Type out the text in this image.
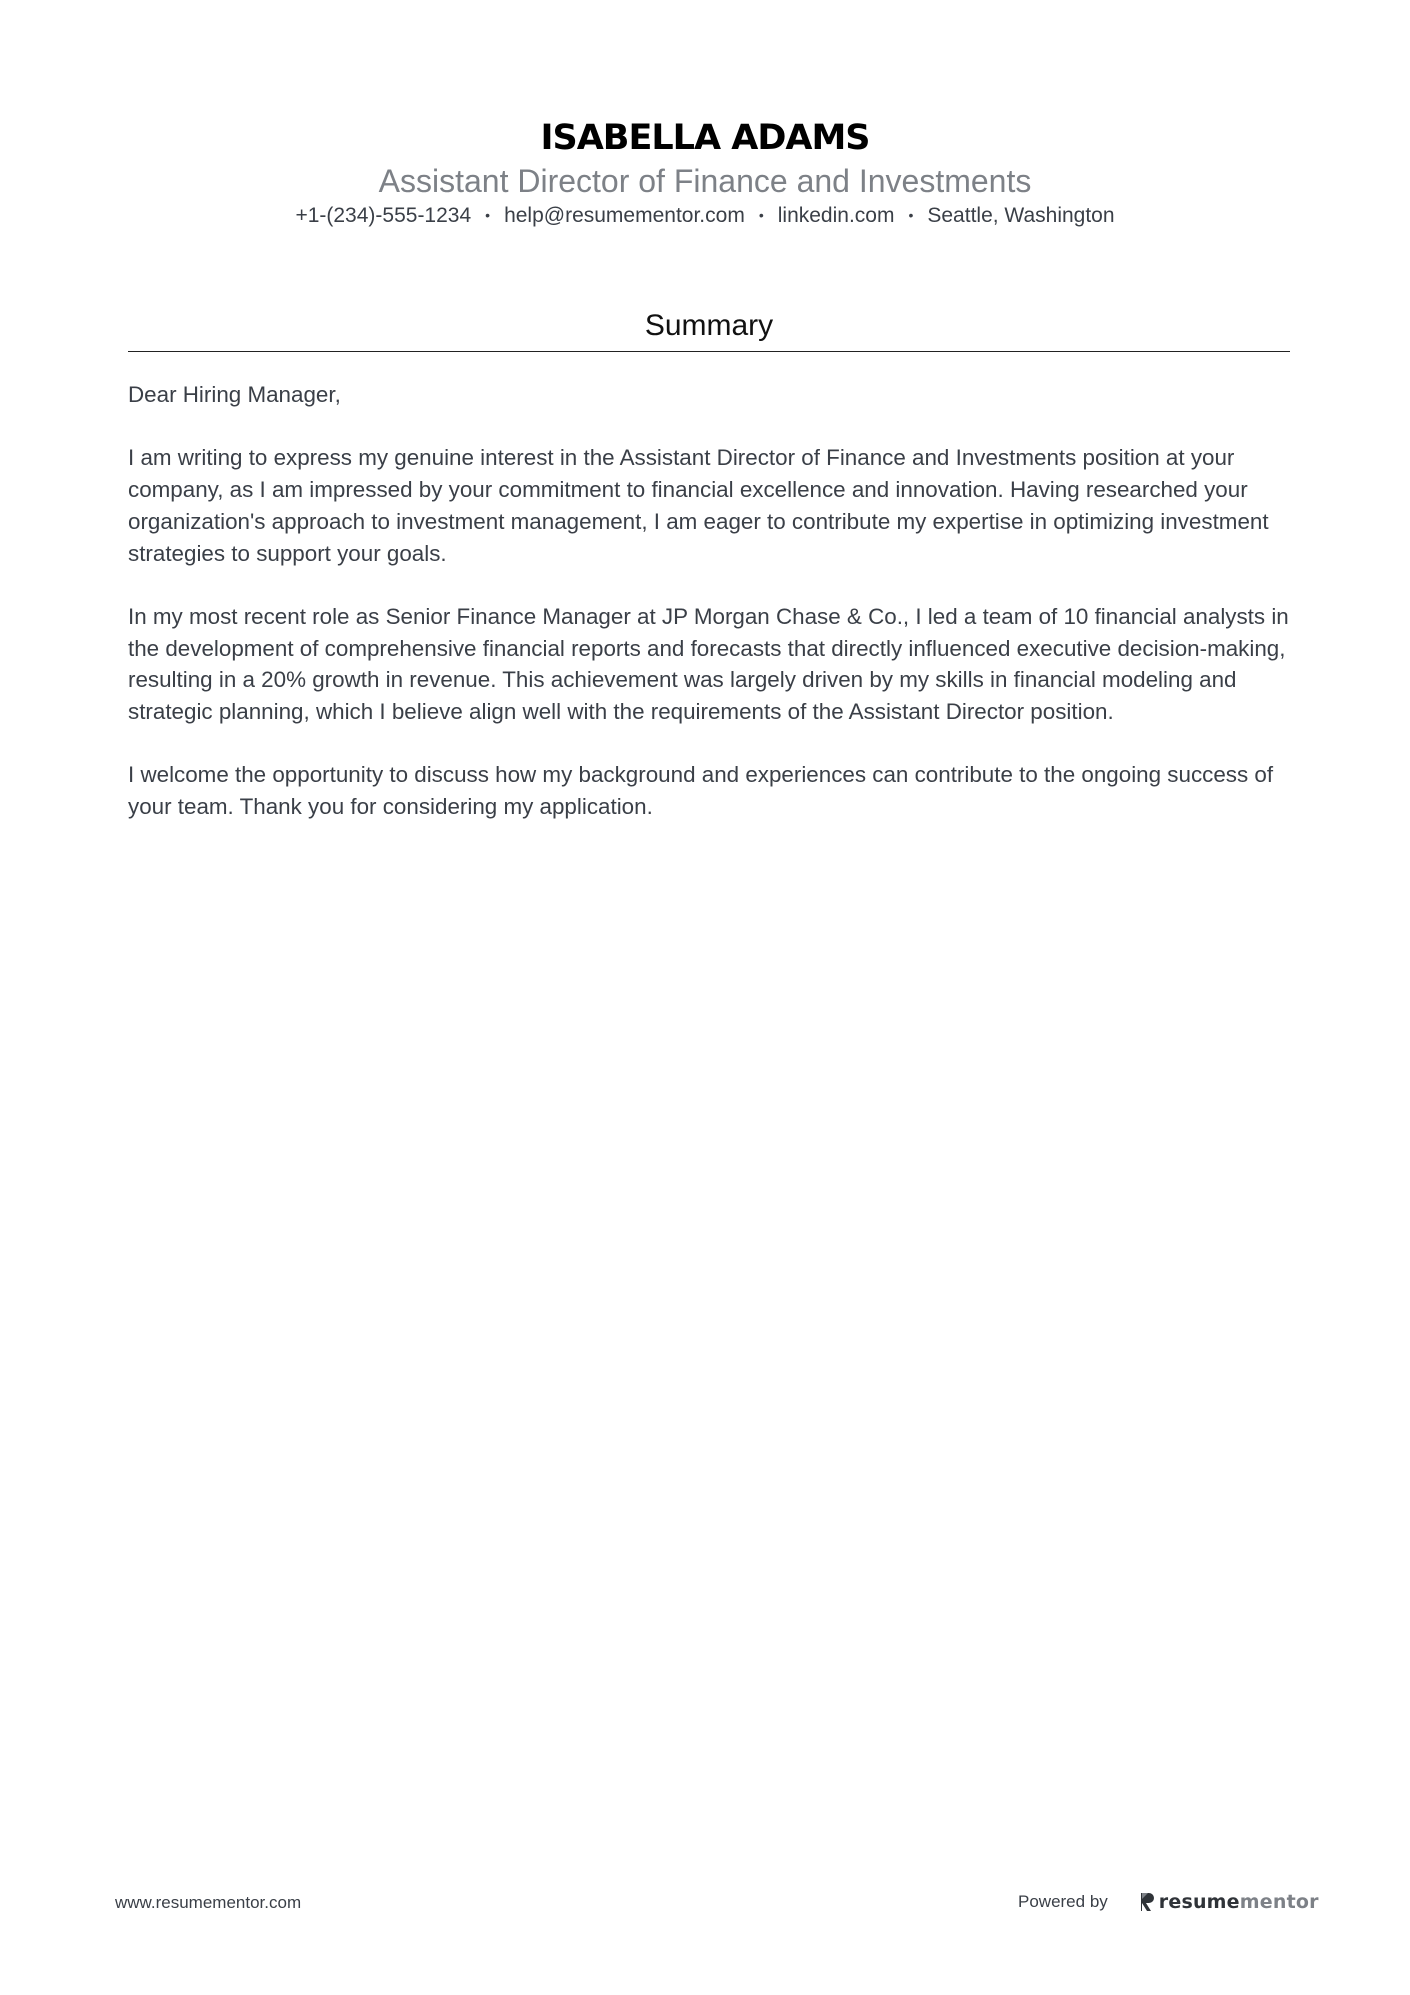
ISABELLA ADAMS
Assistant Director of Finance and Investments
+1-(234)-555-1234 • help@resumementor.com • linkedin.com • Seattle, Washington
Summary

Dear Hiring Manager,

I am writing to express my genuine interest in the Assistant Director of Finance and Investments position at your company, as I am impressed by your commitment to financial excellence and innovation. Having researched your organization's approach to investment management, I am eager to contribute my expertise in optimizing investment strategies to support your goals.

In my most recent role as Senior Finance Manager at JP Morgan Chase & Co., I led a team of 10 financial analysts in the development of comprehensive financial reports and forecasts that directly influenced executive decision-making, resulting in a 20% growth in revenue. This achievement was largely driven by my skills in financial modeling and strategic planning, which I believe align well with the requirements of the Assistant Director position.

I welcome the opportunity to discuss how my background and experiences can contribute to the ongoing success of your team. Thank you for considering my application.

www.resumementor.com	Powered by	resumementor
